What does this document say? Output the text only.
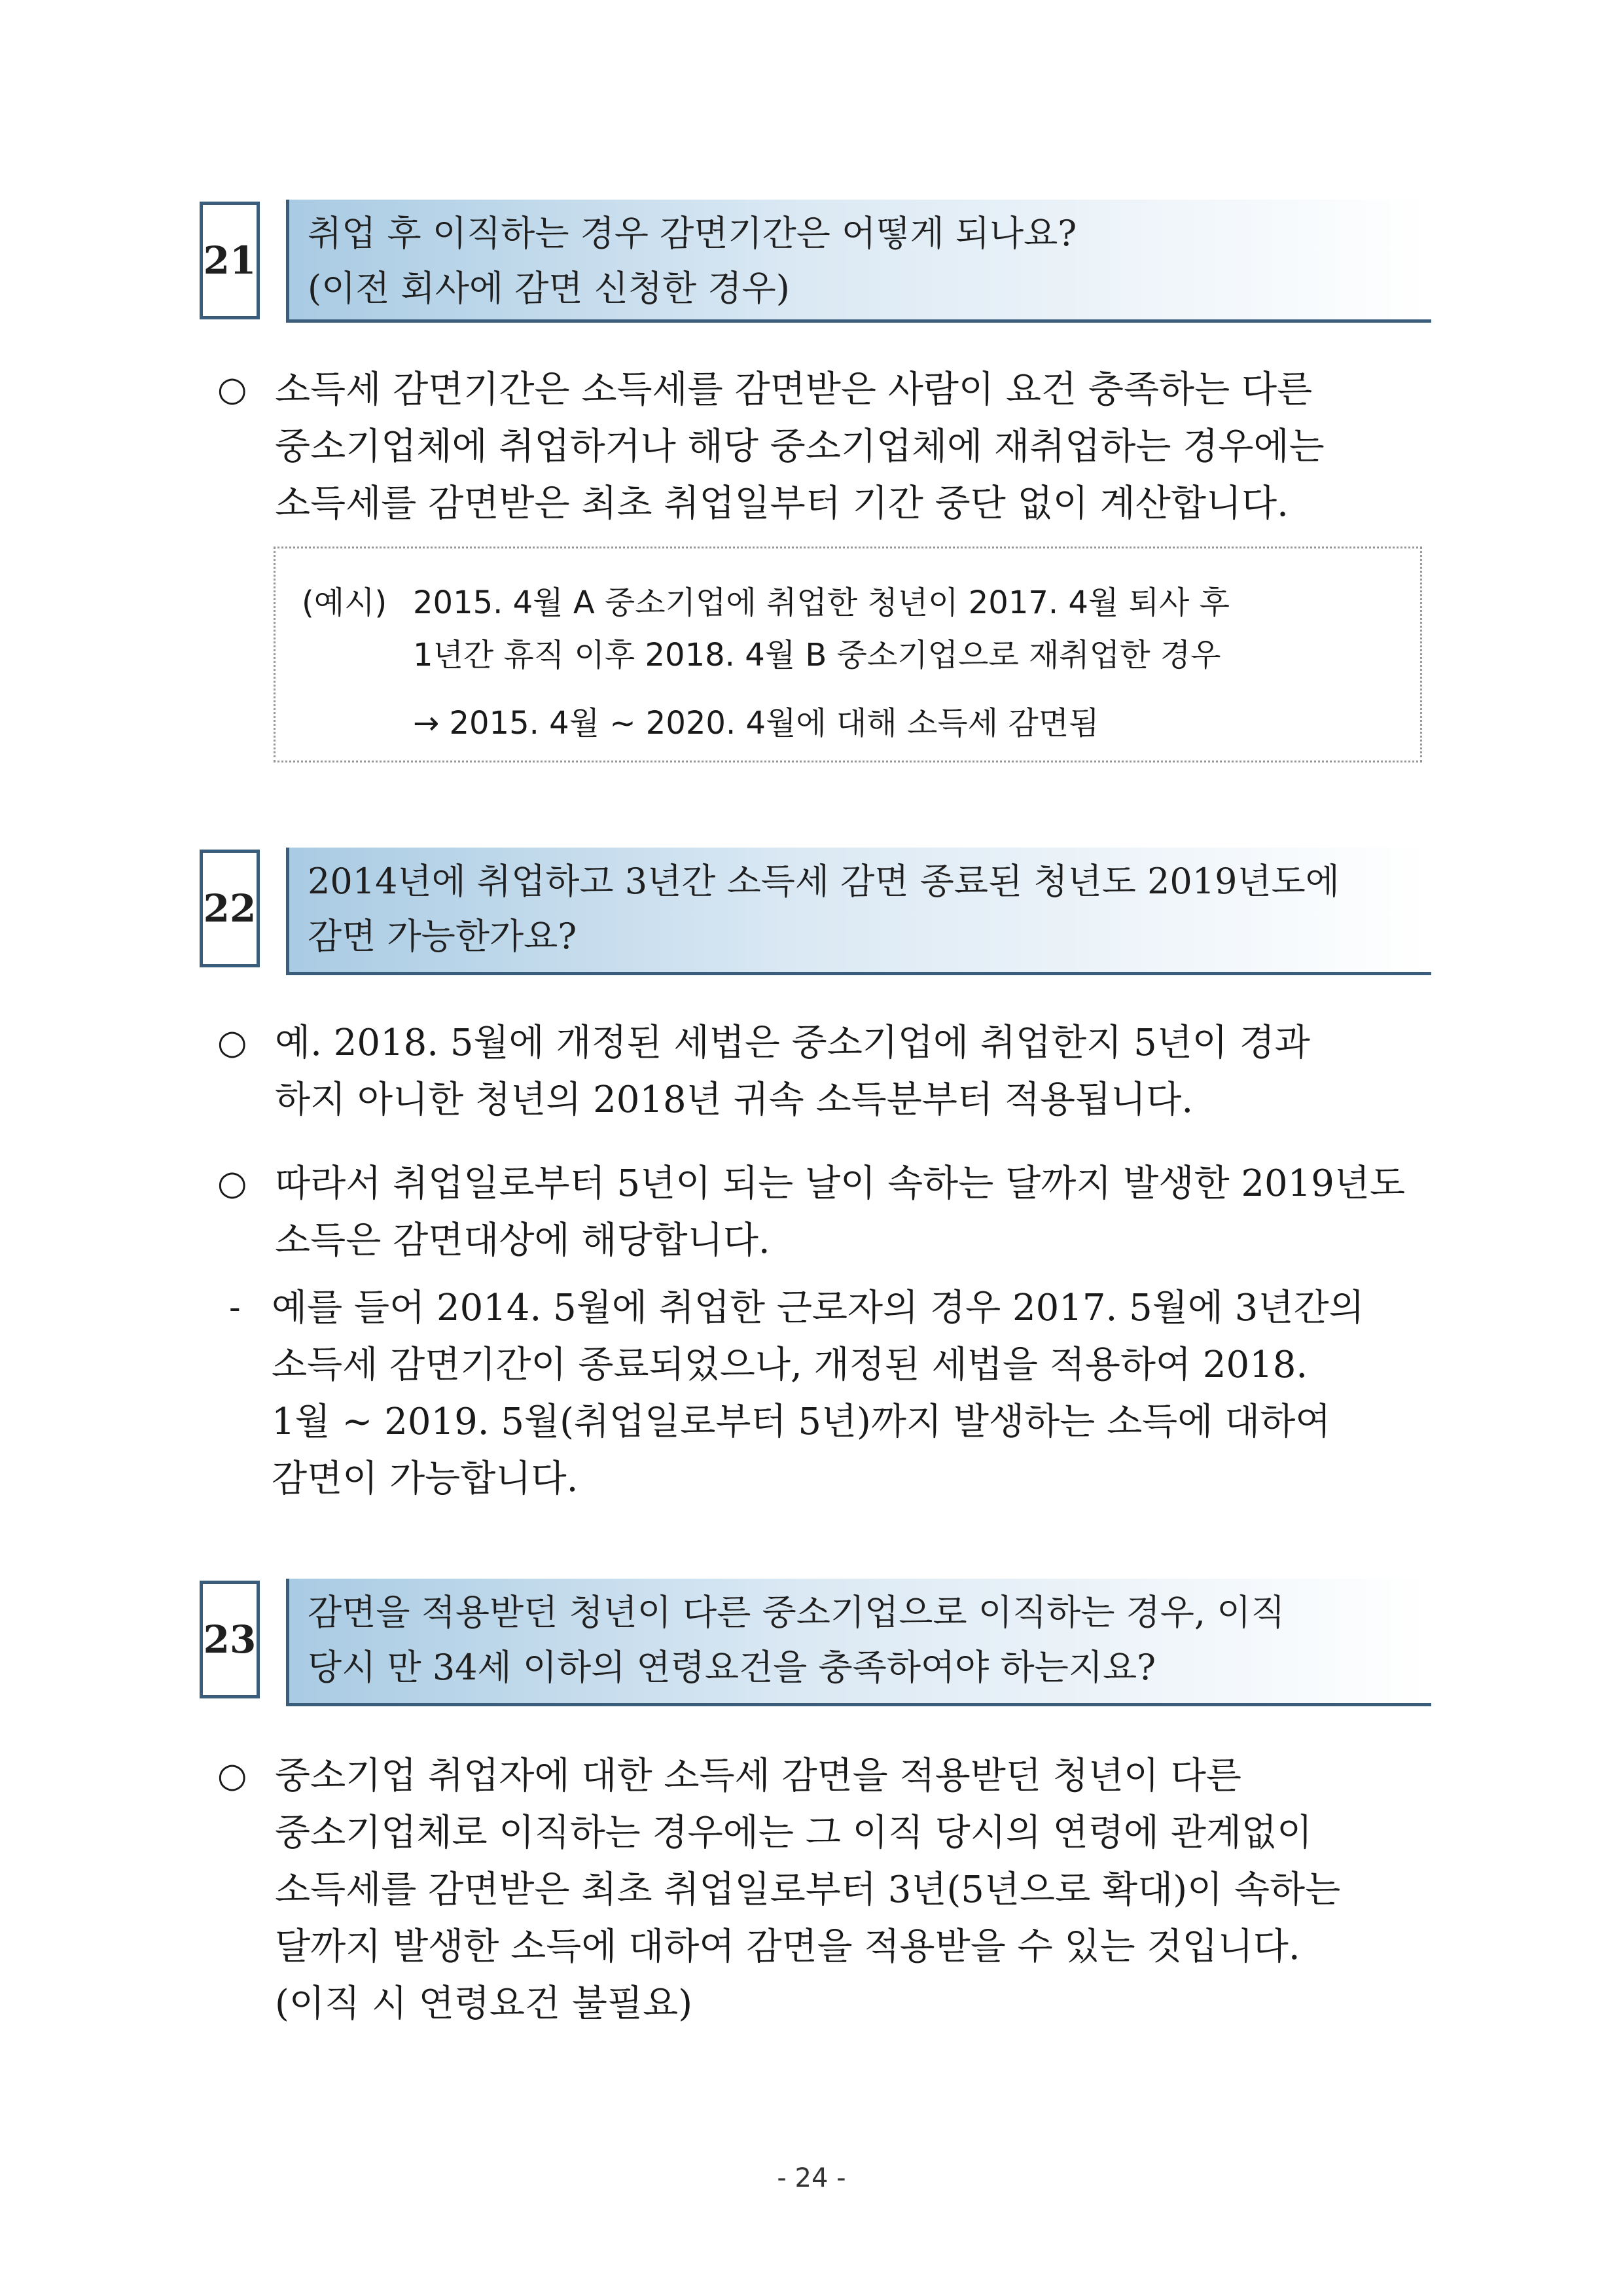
21
취업 후 이직하는 경우 감면기간은 어떻게 되나요?
(이전 회사에 감면 신청한 경우)
○ 소득세 감면기간은 소득세를 감면받은 사람이 요건 충족하는 다른
중소기업체에 취업하거나 해당 중소기업체에 재취업하는 경우에는
소득세를 감면받은 최초 취업일부터 기간 중단 없이 계산합니다.
(예시) 2015. 4월 A 중소기업에 취업한 청년이 2017. 4월 퇴사 후
1년간 휴직 이후 2018. 4월 B 중소기업으로 재취업한 경우
→ 2015. 4월 ~ 2020. 4월에 대해 소득세 감면됨
22
2014년에 취업하고 3년간 소득세 감면 종료된 청년도 2019년도에
감면 가능한가요?
○ 예. 2018. 5월에 개정된 세법은 중소기업에 취업한지 5년이 경과
하지 아니한 청년의 2018년 귀속 소득분부터 적용됩니다.
○ 따라서 취업일로부터 5년이 되는 날이 속하는 달까지 발생한 2019년도
소득은 감면대상에 해당합니다.
- 예를 들어 2014. 5월에 취업한 근로자의 경우 2017. 5월에 3년간의
소득세 감면기간이 종료되었으나, 개정된 세법을 적용하여 2018.
1월 ~ 2019. 5월(취업일로부터 5년)까지 발생하는 소득에 대하여
감면이 가능합니다.
23
감면을 적용받던 청년이 다른 중소기업으로 이직하는 경우, 이직
당시 만 34세 이하의 연령요건을 충족하여야 하는지요?
○ 중소기업 취업자에 대한 소득세 감면을 적용받던 청년이 다른
중소기업체로 이직하는 경우에는 그 이직 당시의 연령에 관계없이
소득세를 감면받은 최초 취업일로부터 3년(5년으로 확대)이 속하는
달까지 발생한 소득에 대하여 감면을 적용받을 수 있는 것입니다.
(이직 시 연령요건 불필요)
- 24 -
